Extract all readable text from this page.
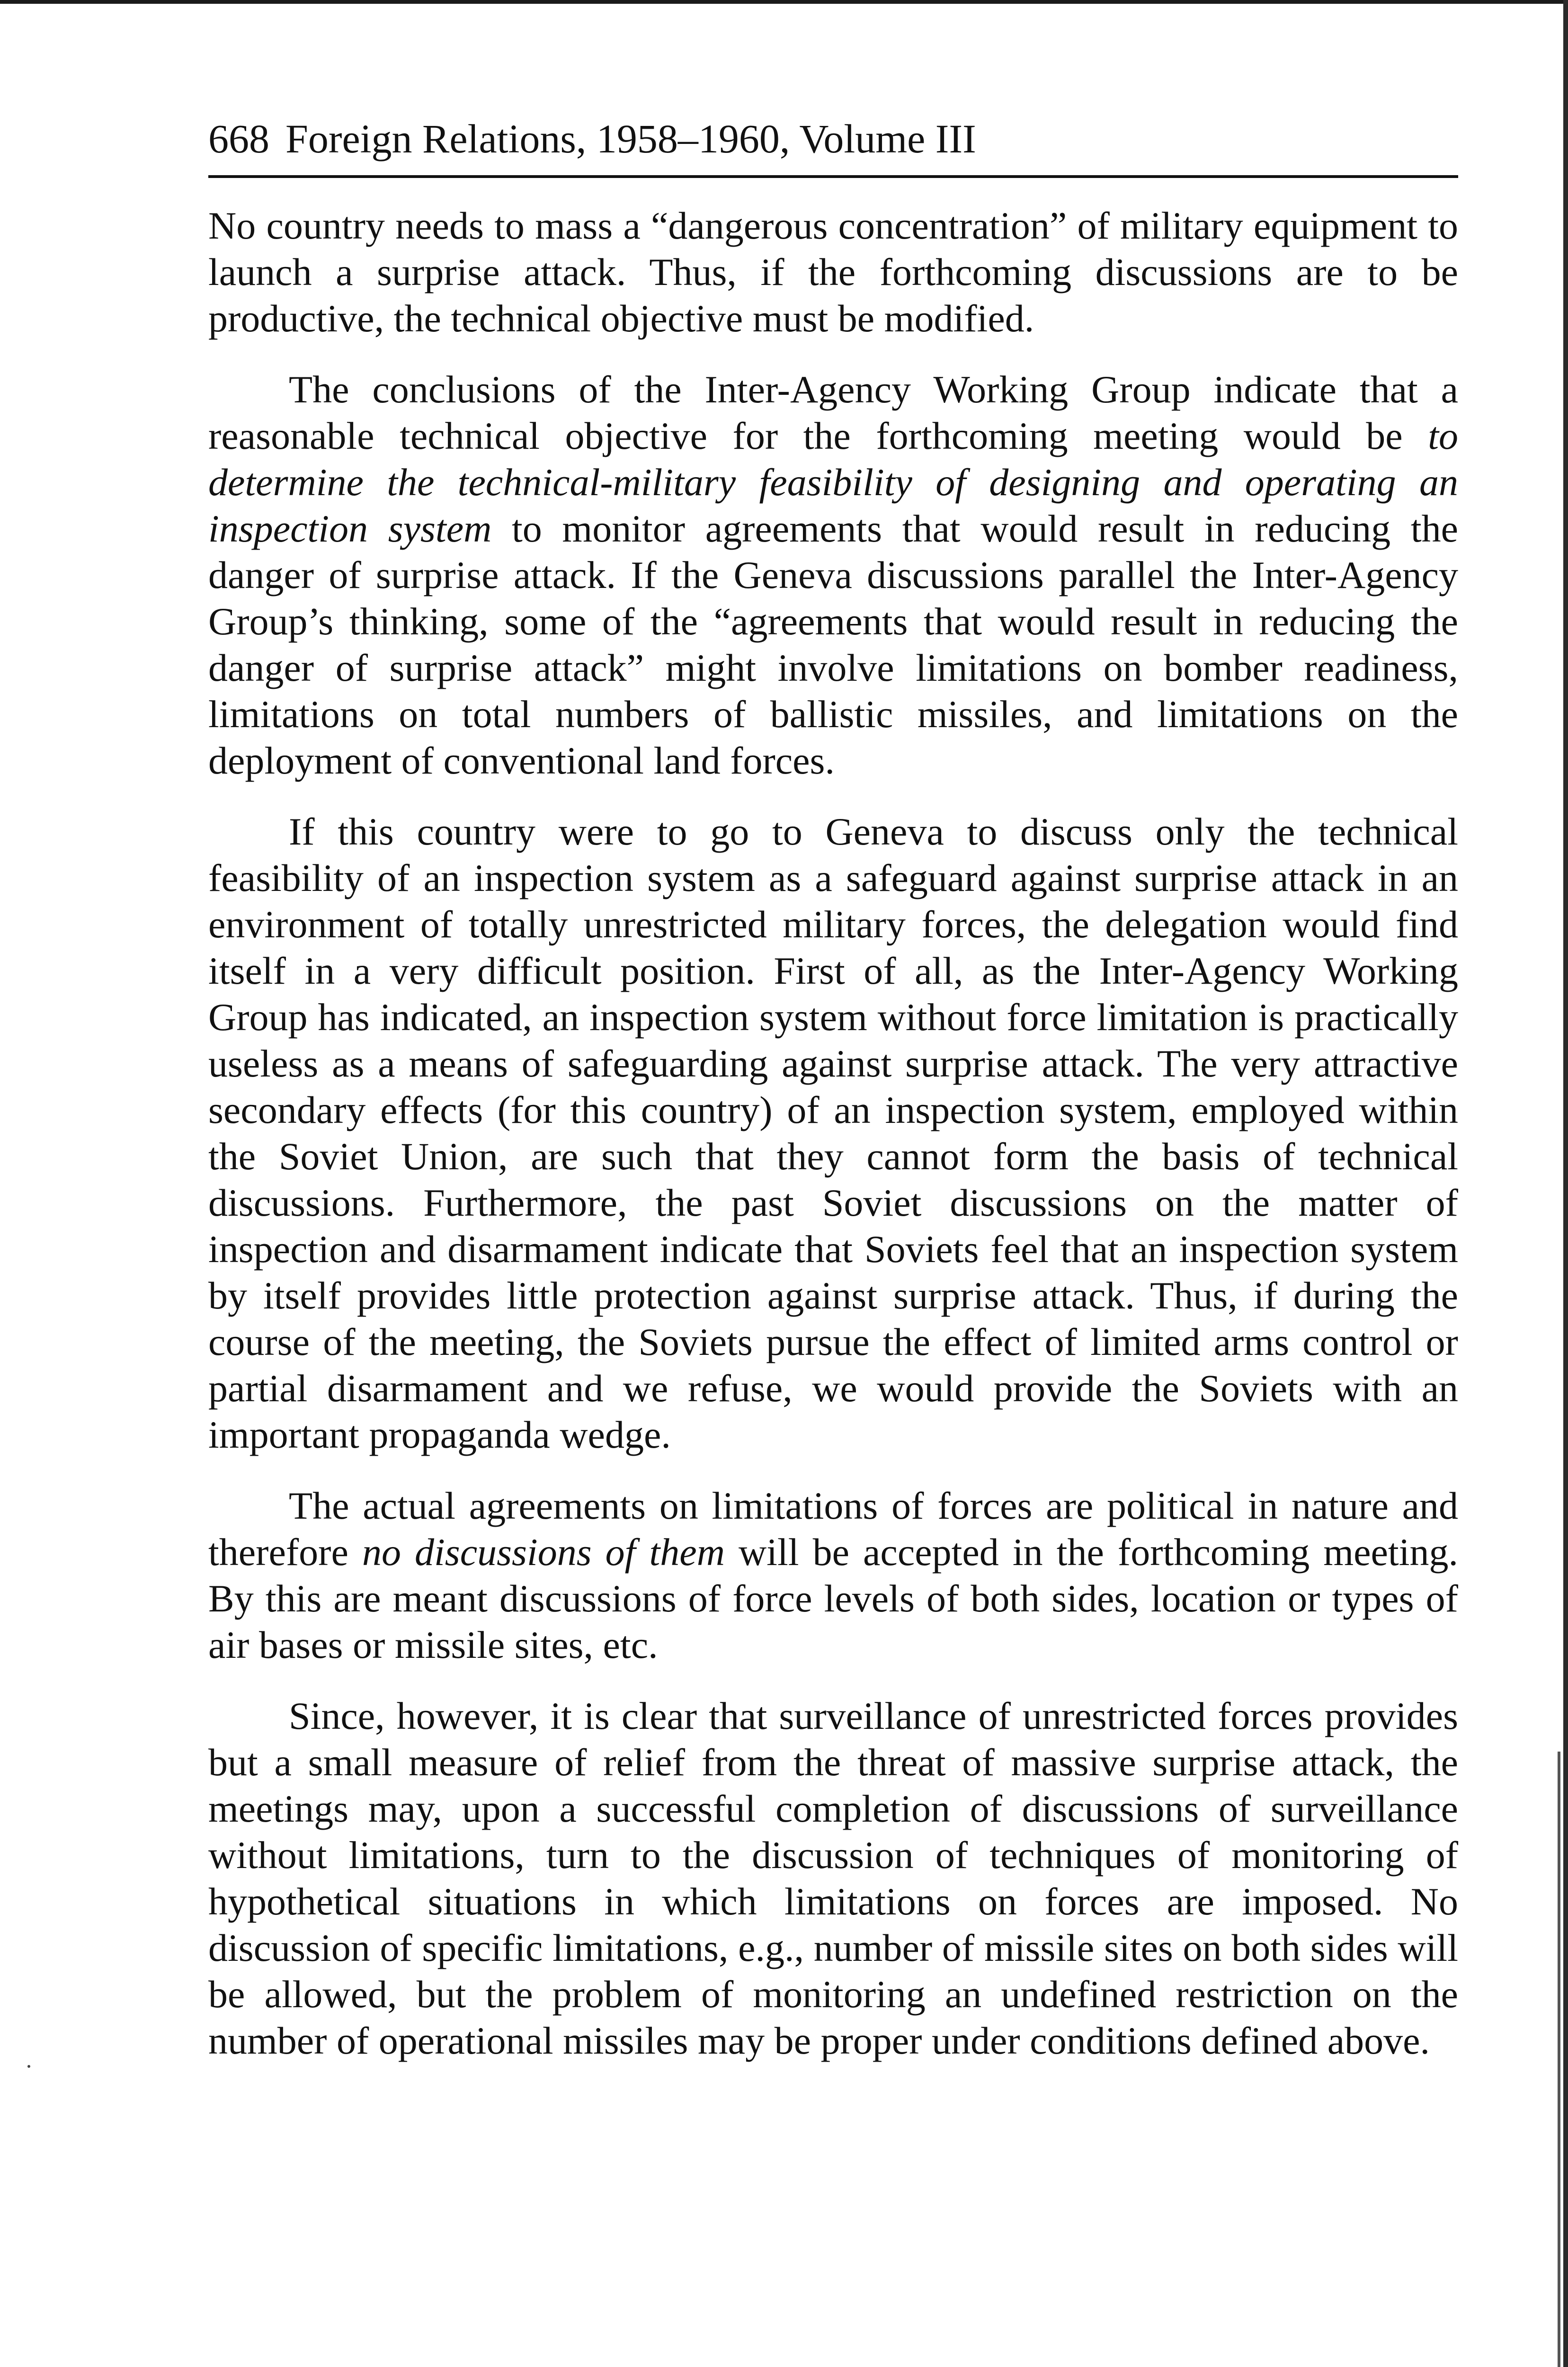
668 Foreign Relations, 1958–1960, Volume III

No country needs to mass a “dangerous concentration” of military equipment to launch a surprise attack. Thus, if the forthcoming discussions are to be productive, the technical objective must be modified.

The conclusions of the Inter-Agency Working Group indicate that a reasonable technical objective for the forthcoming meeting would be to determine the technical-military feasibility of designing and operating an inspection system to monitor agreements that would result in reducing the danger of surprise attack. If the Geneva discussions parallel the Inter-Agency Group’s thinking, some of the “agreements that would result in reducing the danger of surprise attack” might involve limitations on bomber readiness, limitations on total numbers of ballistic missiles, and limitations on the deployment of conventional land forces.

If this country were to go to Geneva to discuss only the technical feasibility of an inspection system as a safeguard against surprise attack in an environment of totally unrestricted military forces, the delegation would find itself in a very difficult position. First of all, as the Inter-Agency Working Group has indicated, an inspection system without force limitation is practically useless as a means of safeguarding against surprise attack. The very attractive secondary effects (for this country) of an inspection system, employed within the Soviet Union, are such that they cannot form the basis of technical discussions. Furthermore, the past Soviet discussions on the matter of inspection and disarmament indicate that Soviets feel that an inspection system by itself provides little protection against surprise attack. Thus, if during the course of the meeting, the Soviets pursue the effect of limited arms control or partial disarmament and we refuse, we would provide the Soviets with an important propaganda wedge.

The actual agreements on limitations of forces are political in nature and therefore no discussions of them will be accepted in the forthcoming meeting. By this are meant discussions of force levels of both sides, location or types of air bases or missile sites, etc.

Since, however, it is clear that surveillance of unrestricted forces provides but a small measure of relief from the threat of massive surprise attack, the meetings may, upon a successful completion of discussions of surveillance without limitations, turn to the discussion of techniques of monitoring of hypothetical situations in which limitations on forces are imposed. No discussion of specific limitations, e.g., number of missile sites on both sides will be allowed, but the problem of monitoring an undefined restriction on the number of operational missiles may be proper under conditions defined above.
